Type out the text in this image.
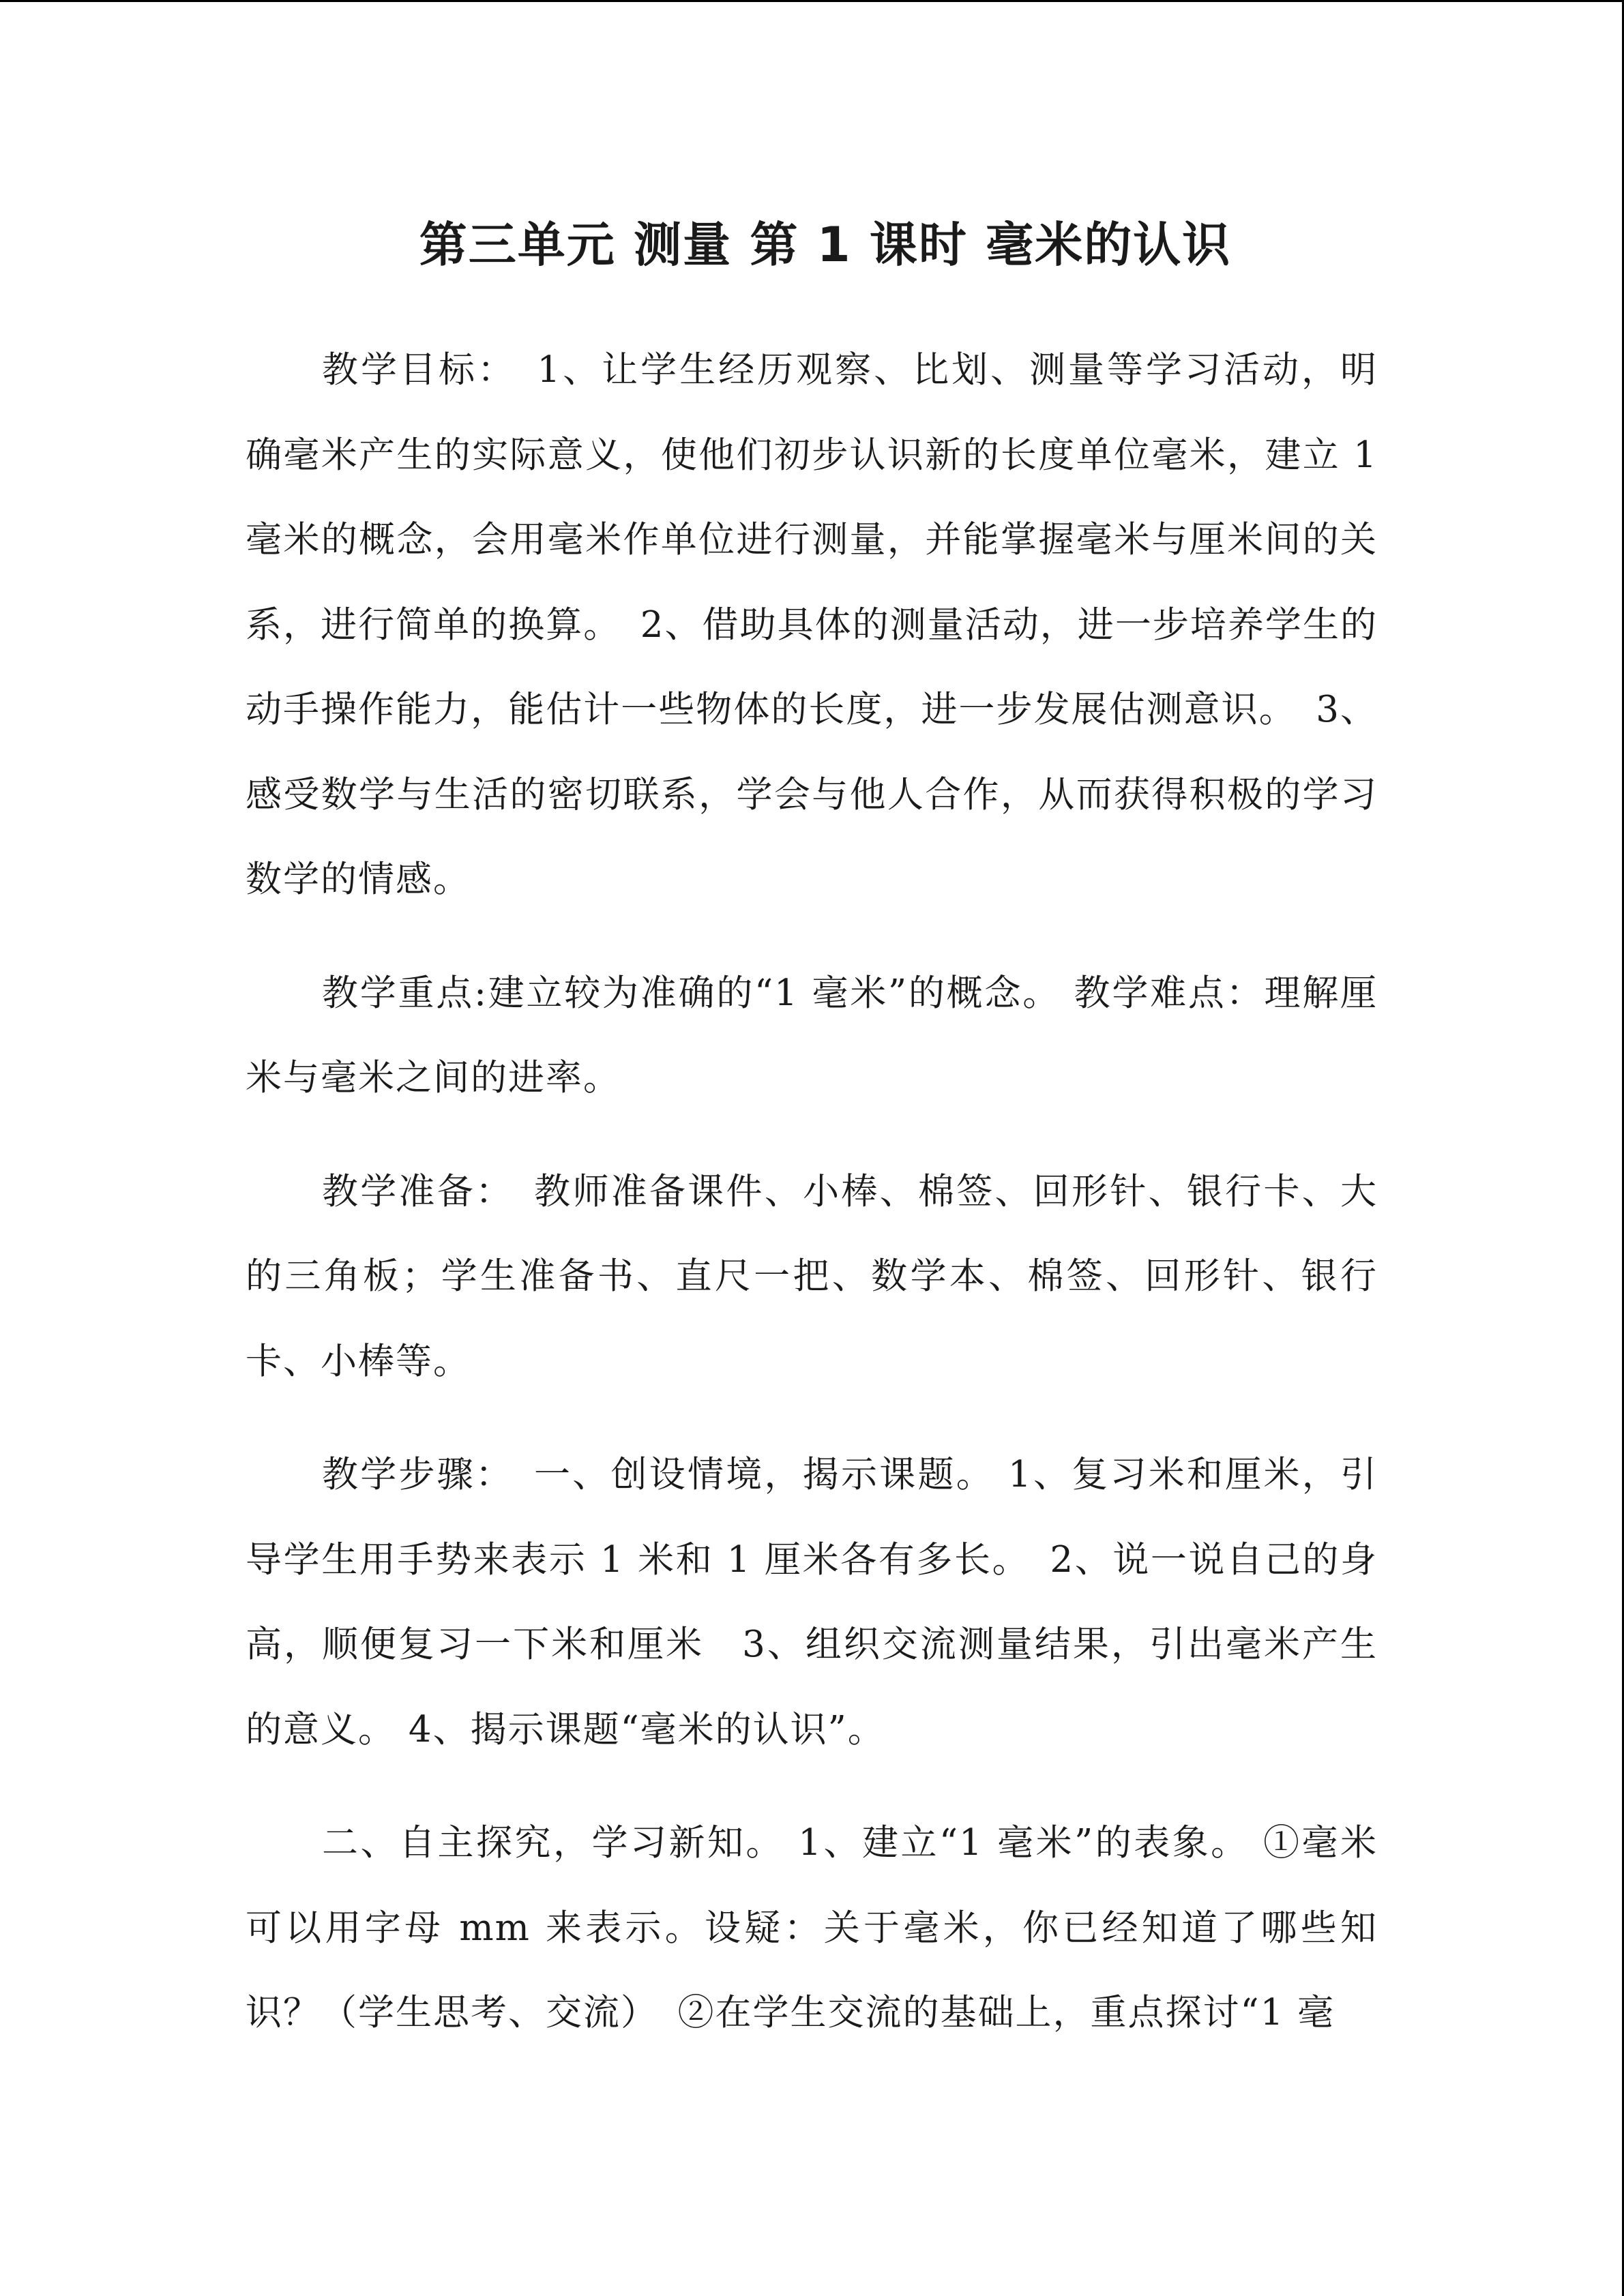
第三单元 测量 第 1 课时 毫米的认识

教学目标：　1、让学生经历观察、比划、测量等学习活动，明确毫米产生的实际意义，使他们初步认识新的长度单位毫米，建立 1 毫米的概念，会用毫米作单位进行测量，并能掌握毫米与厘米间的关系，进行简单的换算。　2、借助具体的测量活动，进一步培养学生的动手操作能力，能估计一些物体的长度，进一步发展估测意识。　3、感受数学与生活的密切联系，学会与他人合作，从而获得积极的学习数学的情感。

教学重点:建立较为准确的“1 毫米”的概念。 教学难点：理解厘米与毫米之间的进率。

教学准备：　教师准备课件、小棒、棉签、回形针、银行卡、大的三角板；学生准备书、直尺一把、数学本、棉签、回形针、银行卡、小棒等。

教学步骤：　一、创设情境，揭示课题。 1、复习米和厘米，引导学生用手势来表示 1 米和 1 厘米各有多长。　2、说一说自己的身高，顺便复习一下米和厘米　3、组织交流测量结果，引出毫米产生的意义。 4、揭示课题“毫米的认识”。

二、自主探究，学习新知。 1、建立“1 毫米”的表象。 ①毫米可以用字母 mm 来表示。设疑：关于毫米，你已经知道了哪些知识？（学生思考、交流）　②在学生交流的基础上，重点探讨“1 毫
